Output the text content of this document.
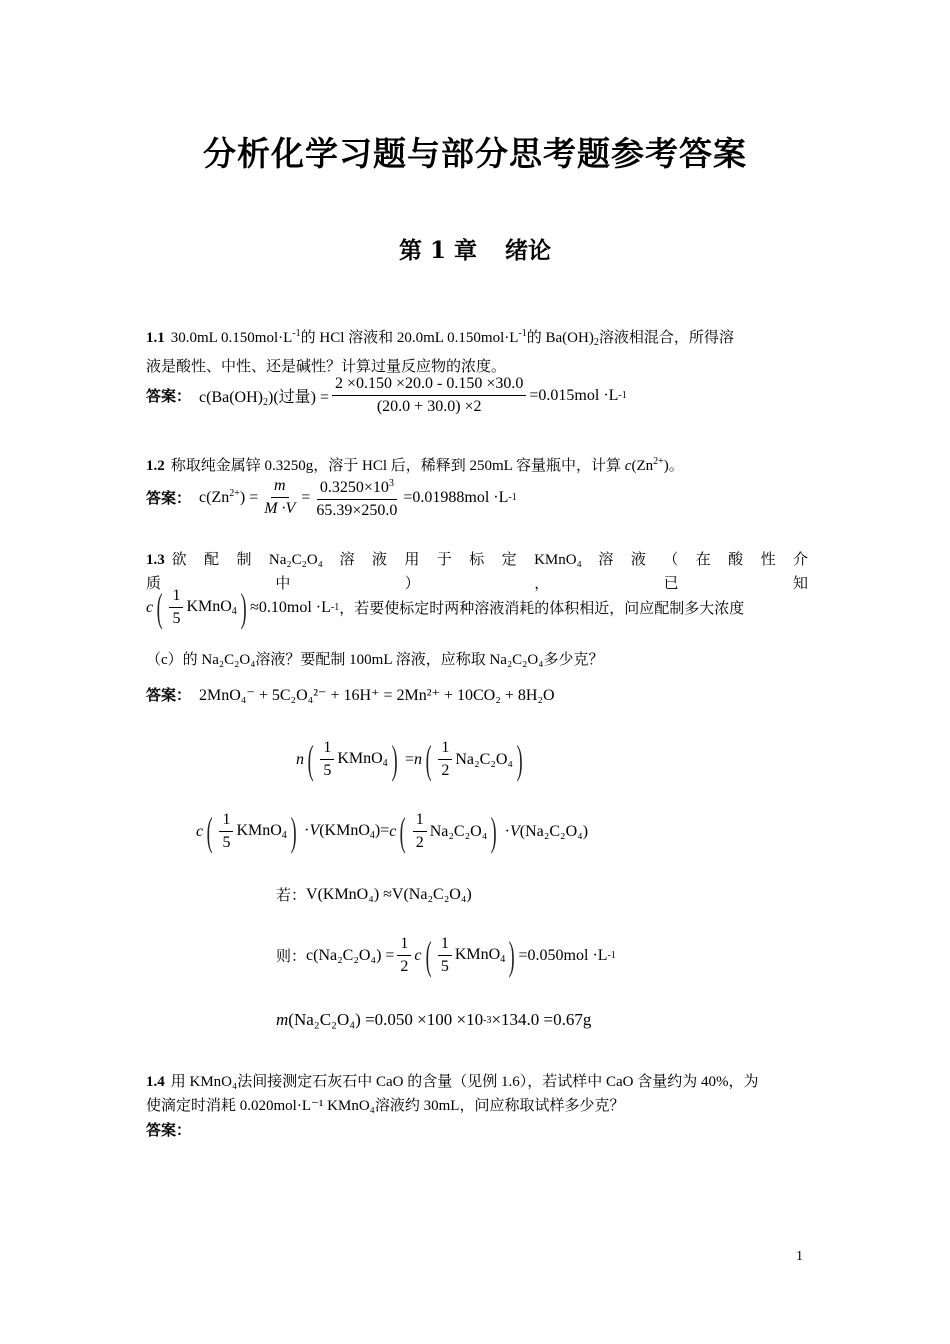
分析化学习题与部分思考题参考答案
第 1 章 绪论
1.1 30.0mL $0.150mol\cdot L^{-1}$的 HCl 溶液和 20.0mL $0.150mol\cdot L^{-1}$的 $Ba(OH)_2$溶液相混合，所得溶
液是酸性、中性、还是碱性？计算过量反应物的浓度。
答案： $c(Ba(OH)_2)$(过量) = $\frac{2 \times 0.150 \times 20.0 - 0.150 \times 30.0}{(20.0 + 30.0) \times 2} =0.015mol \cdot L$ -1
1.2 称取纯金属锌 0.3250g，溶于 HCl 后，稀释到 250mL 容量瓶中，计算 $c(Zn^{2+})$。
答案： $c(Zn^{2+}) = \frac{m}{M \cdot V} = \frac{0.3250\times 10^3}{65.39\times 250.0} =0.01988mol \cdot L$ -1
1.3 欲 配 制 Na₂C₂O₄ 溶 液 用 于 标 定 KMnO₄ 溶 液 （ 在 酸 性 介 质 中 ） ， 已 知
c ( $\frac{1}{5}$ KMnO$_4$ ) ≈0.10mol ·L -1 ，若要使标定时两种溶液消耗的体积相近，问应配制多大浓度
（c）的 Na₂C₂O₄溶液？要配制 100mL 溶液，应称取 Na₂C₂O₄多少克？
答案： 2MnO₄⁻ + 5C₂O₄²⁻ + 16H⁺ = 2Mn²⁺ + 10CO₂ + 8H₂O
n ( $\frac{1}{5}$ KMnO$_4$ ) = n ( $\frac{1}{2} Na_2C_2O_4$ )
c ( $\frac{1}{5}$ KMnO$_4$ ) ·V(KMnO$_4$)= c ( $\frac{1}{2} Na_2C_2O_4$ ) ·V(Na₂C₂O₄)
若： V(KMnO₄) ≈V(Na₂C₂O₄)
则： $c(Na_2C_2O_4) = \frac{1}{2}$ c ( $\frac{1}{5}$ KMnO$_4$ ) =0.050mol ·L -1
m (Na₂C₂O₄) =0.050 ×100 ×10 -3 ×134.0 =0.67g
1.4 用 KMnO₄法间接测定石灰石中 CaO 的含量（见例 1.6），若试样中 CaO 含量约为 40%，为
使滴定时消耗 0.020mol·L⁻¹ KMnO₄溶液约 30mL，问应称取试样多少克？
答案：
1
